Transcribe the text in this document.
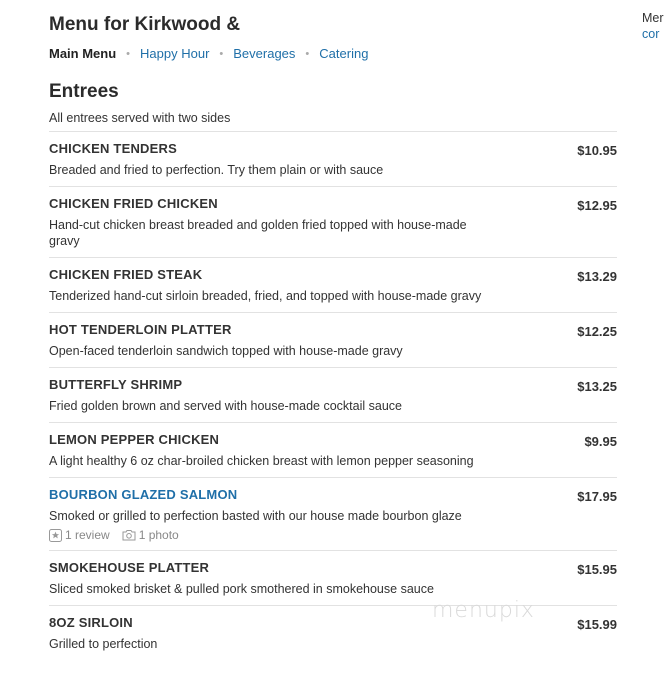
Menu for Kirkwood &
Main Menu • Happy Hour • Beverages • Catering
Entrees
All entrees served with two sides
CHICKEN TENDERS	$10.95
Breaded and fried to perfection. Try them plain or with sauce
CHICKEN FRIED CHICKEN	$12.95
Hand-cut chicken breast breaded and golden fried topped with house-made gravy
CHICKEN FRIED STEAK	$13.29
Tenderized hand-cut sirloin breaded, fried, and topped with house-made gravy
HOT TENDERLOIN PLATTER	$12.25
Open-faced tenderloin sandwich topped with house-made gravy
BUTTERFLY SHRIMP	$13.25
Fried golden brown and served with house-made cocktail sauce
LEMON PEPPER CHICKEN	$9.95
A light healthy 6 oz char-broiled chicken breast with lemon pepper seasoning
BOURBON GLAZED SALMON	$17.95
Smoked or grilled to perfection basted with our house made bourbon glaze
1 review 1 photo
SMOKEHOUSE PLATTER	$15.95
Sliced smoked brisket & pulled pork smothered in smokehouse sauce
8OZ SIRLOIN	$15.99
Grilled to perfection
Mer
cor
menupix
